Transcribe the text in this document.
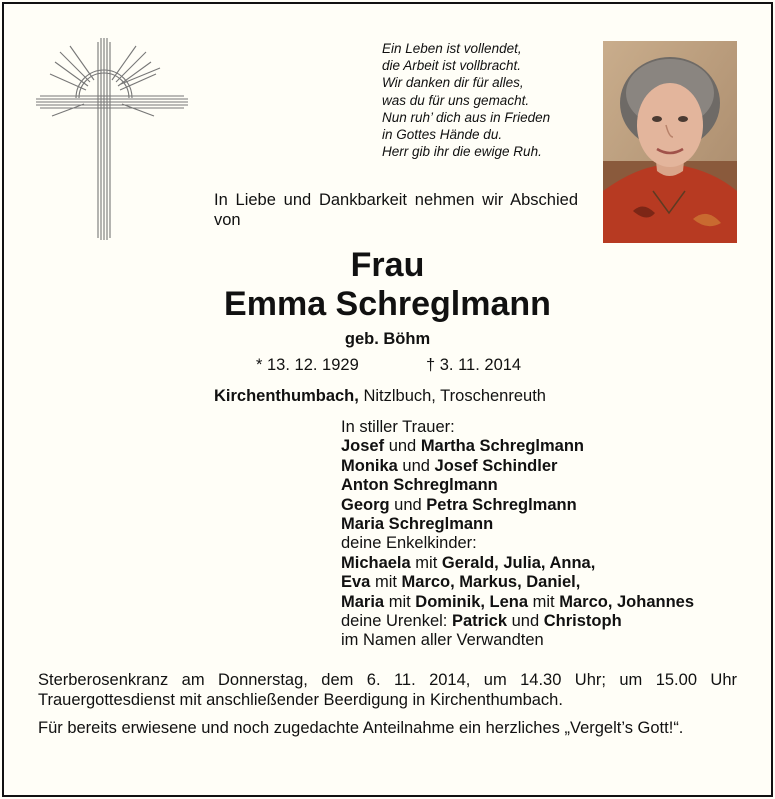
Ein Leben ist vollendet,
die Arbeit ist vollbracht.
Wir danken dir für alles,
was du für uns gemacht.
Nun ruh’ dich aus in Frieden
in Gottes Hände du.
Herr gib ihr die ewige Ruh.
In Liebe und Dankbarkeit nehmen wir Abschied von
Frau
Emma Schreglmann
geb. Böhm
* 13. 12. 1929	† 3. 11. 2014
Kirchenthumbach, Nitzlbuch, Troschenreuth
In stiller Trauer:
Josef und Martha Schreglmann
Monika und Josef Schindler
Anton Schreglmann
Georg und Petra Schreglmann
Maria Schreglmann
deine Enkelkinder:
Michaela mit Gerald, Julia, Anna,
Eva mit Marco, Markus, Daniel,
Maria mit Dominik, Lena mit Marco, Johannes
deine Urenkel: Patrick und Christoph
im Namen aller Verwandten
Sterberosenkranz am Donnerstag, dem 6. 11. 2014, um 14.30 Uhr; um 15.00 Uhr Trauergottesdienst mit anschließender Beerdigung in Kirchenthumbach.
Für bereits erwiesene und noch zugedachte Anteilnahme ein herzliches „Vergelt’s Gott!“.
